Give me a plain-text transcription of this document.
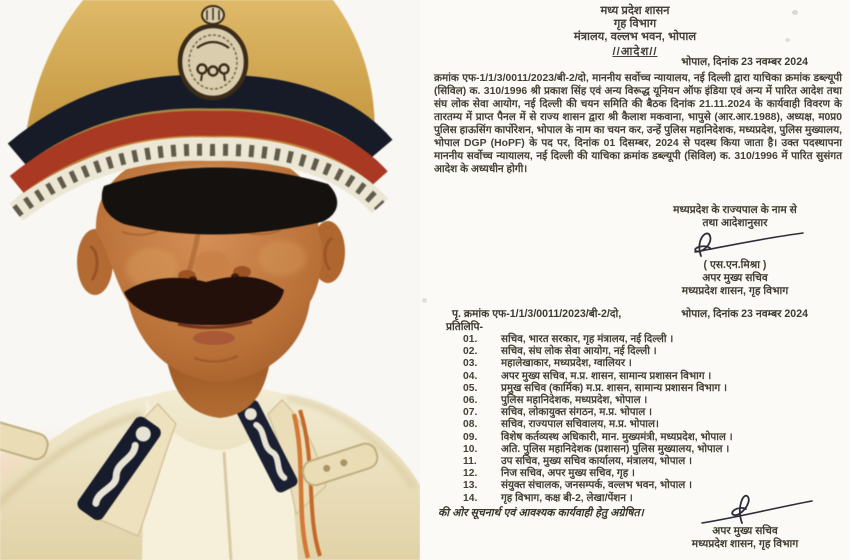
मध्य प्रदेश शासन
गृह विभाग
मंत्रालय, वल्लभ भवन, भोपाल
//आदेश//
भोपाल, दिनांक 23 नवम्बर 2024

क्रमांक एफ-1/1/3/0011/2023/बी-2/दो, माननीय सर्वोच्च न्यायालय, नई दिल्ली द्वारा याचिका क्रमांक डब्ल्यूपी (सिविल) क. 310/1996 श्री प्रकाश सिंह एवं अन्य विरूद्ध यूनियन ऑफ इंडिया एवं अन्य में पारित आदेश तथा संघ लोक सेवा आयोग, नई दिल्ली की चयन समिति की बैठक दिनांक 21.11.2024 के कार्यवाही विवरण के तारतम्य में प्राप्त पैनल में से राज्य शासन द्वारा श्री कैलाश मकवाना, भापुसे (आर.आर.1988), अध्यक्ष, म0प्र0 पुलिस हाऊसिंग कार्पोरेशन, भोपाल के नाम का चयन कर, उन्हें पुलिस महानिदेशक, मध्यप्रदेश, पुलिस मुख्यालय, भोपाल DGP (HoPF) के पद पर, दिनांक 01 दिसम्बर, 2024 से पदस्थ किया जाता है। उक्त पदस्थापना माननीय सर्वोच्च न्यायालय, नई दिल्ली की याचिका क्रमांक डब्ल्यूपी (सिविल) क. 310/1996 में पारित सुसंगत आदेश के अध्यधीन होगी।

मध्यप्रदेश के राज्यपाल के नाम से
तथा आदेशानुसार
( एस.एन.मिश्रा )
अपर मुख्य सचिव
मध्यप्रदेश शासन, गृह विभाग
पृ. क्रमांक एफ-1/1/3/0011/2023/बी-2/दो,	भोपाल, दिनांक 23 नवम्बर 2024
प्रतिलिपि-
01. सचिव, भारत सरकार, गृह मंत्रालय, नई दिल्ली ।
02. सचिव, संघ लोक सेवा आयोग, नई दिल्ली ।
03. महालेखाकार, मध्यप्रदेश, ग्वालियर ।
04. अपर मुख्य सचिव, म.प्र. शासन, सामान्य प्रशासन विभाग ।
05. प्रमुख सचिव (कार्मिक) म.प्र. शासन, सामान्य प्रशासन विभाग ।
06. पुलिस महानिदेशक, मध्यप्रदेश, भोपाल ।
07. सचिव, लोकायुक्त संगठन, म.प्र. भोपाल ।
08. सचिव, राज्यपाल सचिवालय, म.प्र. भोपाल।
09. विशेष कर्तव्यस्थ अधिकारी, मान. मुख्यमंत्री, मध्यप्रदेश, भोपाल ।
10. अति. पुलिस महानिदेशक (प्रशासन) पुलिस मुख्यालय, भोपाल ।
11. उप सचिव, मुख्य सचिव कार्यालय, मंत्रालय, भोपाल ।
12. निज सचिव, अपर मुख्य सचिव, गृह ।
13. संयुक्त संचालक, जनसम्पर्क, वल्लभ भवन, भोपाल ।
14. गृह विभाग, कक्ष बी-2, लेखा/पेंशन ।
की ओर सूचनार्थ एवं आवश्यक कार्यवाही हेतु अग्रेषित।
अपर मुख्य सचिव
मध्यप्रदेश शासन, गृह विभाग
